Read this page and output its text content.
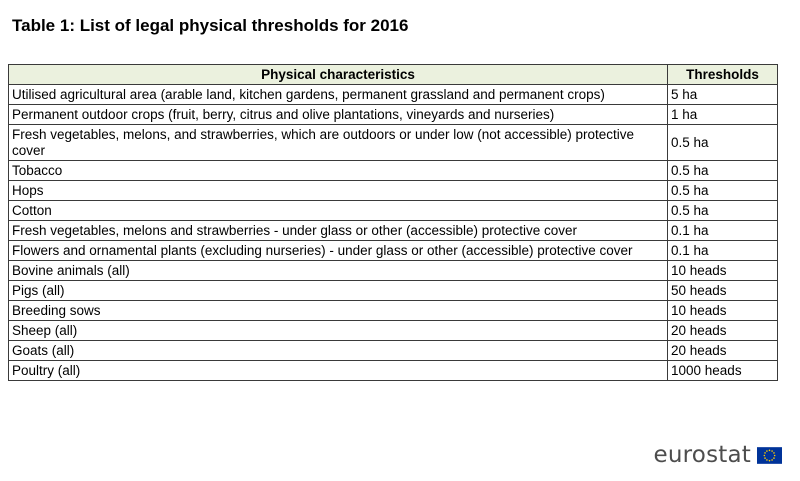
Table 1: List of legal physical thresholds for 2016
Physical characteristics	Thresholds
Utilised agricultural area (arable land, kitchen gardens, permanent grassland and permanent crops)	5 ha
Permanent outdoor crops (fruit, berry, citrus and olive plantations, vineyards and nurseries)	1 ha
Fresh vegetables, melons, and strawberries, which are outdoors or under low (not accessible) protective cover	0.5 ha
Tobacco	0.5 ha
Hops	0.5 ha
Cotton	0.5 ha
Fresh vegetables, melons and strawberries - under glass or other (accessible) protective cover	0.1 ha
Flowers and ornamental plants (excluding nurseries) - under glass or other (accessible) protective cover	0.1 ha
Bovine animals (all)	10 heads
Pigs (all)	50 heads
Breeding sows	10 heads
Sheep (all)	20 heads
Goats (all)	20 heads
Poultry (all)	1000 heads
eurostat
